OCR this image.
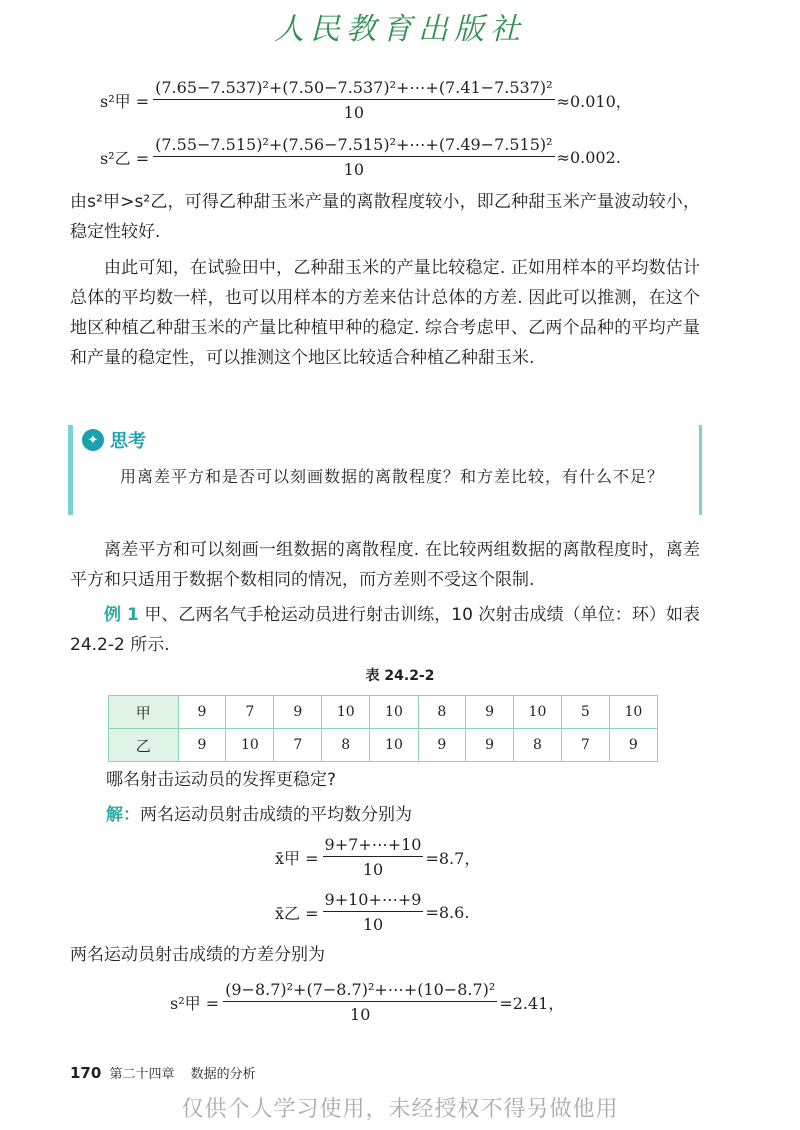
人民教育出版社
s²甲 = $\frac{\text{(7.65−7.537)²+(7.50−7.537)²+⋯+(7.41−7.537)²}}{10} \approx 0.010$，
s²乙 = $\frac{\text{(7.55−7.515)²+(7.56−7.515)²+⋯+(7.49−7.515)²}}{10} \approx 0.002$.
由s²甲>s²乙，可得乙种甜玉米产量的离散程度较小，即乙种甜玉米产量波动较小，稳定性较好.
由此可知，在试验田中，乙种甜玉米的产量比较稳定. 正如用样本的平均数估计总体的平均数一样，也可以用样本的方差来估计总体的方差. 因此可以推测，在这个地区种植乙种甜玉米的产量比种植甲种的稳定. 综合考虑甲、乙两个品种的平均产量和产量的稳定性，可以推测这个地区比较适合种植乙种甜玉米.
✦ 思考
用离差平方和是否可以刻画数据的离散程度？和方差比较，有什么不足？
离差平方和可以刻画一组数据的离散程度. 在比较两组数据的离散程度时，离差平方和只适用于数据个数相同的情况，而方差则不受这个限制.
例 1 甲、乙两名气手枪运动员进行射击训练，10 次射击成绩（单位：环）如表 24.2-2 所示.
表 24.2-2
甲	9	7	9	10	10	8	9	10	5	10
乙	9	10	7	8	10	9	9	8	7	9
哪名射击运动员的发挥更稳定?
解：两名运动员射击成绩的平均数分别为
x̄甲 = $\frac{9+7+\cdots+10}{10} =8.7$，
x̄乙 = $\frac{9+10+\cdots+9}{10} =8.6$.
两名运动员射击成绩的方差分别为
s²甲 = $\frac{\text{(9−8.7)²+(7−8.7)²+⋯+(10−8.7)²}}{10} =2.41$，
170 第二十四章 数据的分析
仅供个人学习使用，未经授权不得另做他用
